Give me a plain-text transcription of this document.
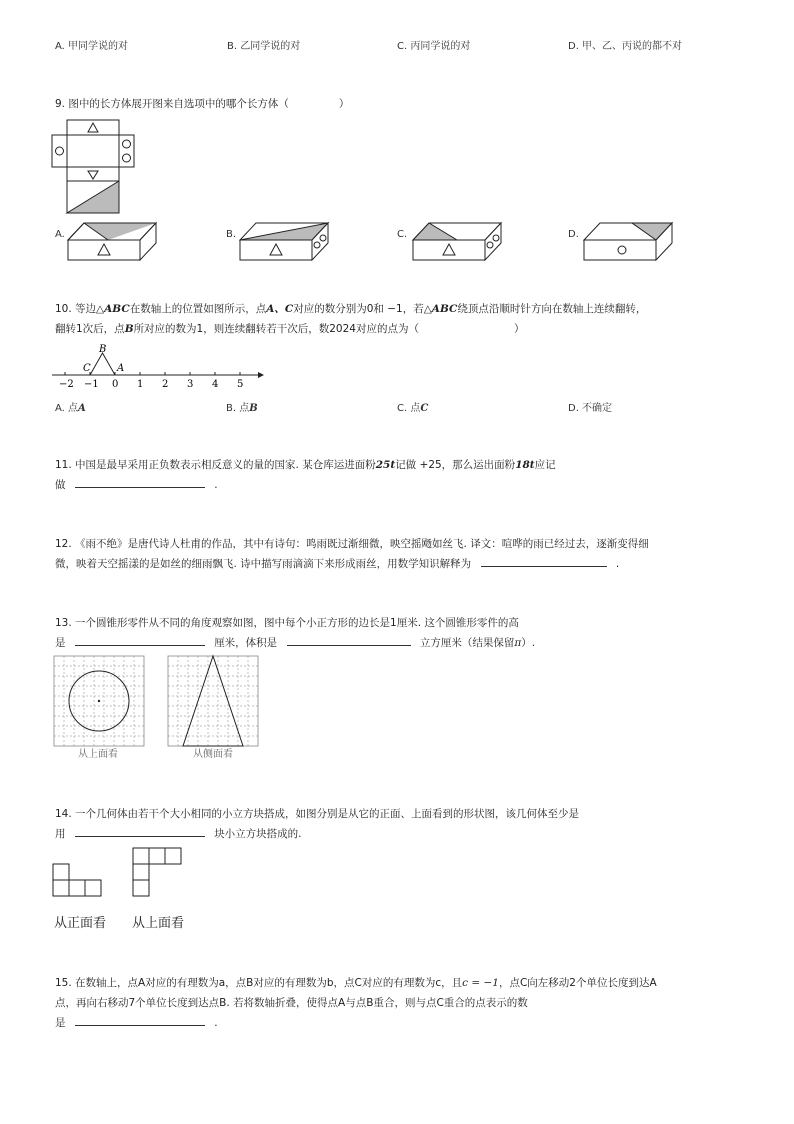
A. 甲同学说的对	B. 乙同学说的对	C. 丙同学说的对	D. 甲、乙、丙说的都不对
9. 图中的长方体展开图来自选项中的哪个长方体（	）
A.	B.	C.	D.
10. 等边△ABC在数轴上的位置如图所示，点A、C对应的数分别为0和 −1，若△ABC绕顶点沿顺时针方向在数轴上连续翻转，
翻转1次后，点B所对应的数为1，则连续翻转若干次后，数2024对应的点为（	）
−2 −1 0 1 2 3 4 5
B
C	A
A. 点A	B. 点B	C. 点C	D. 不确定
11. 中国是最早采用正负数表示相反意义的量的国家. 某仓库运进面粉25t记做 +25，那么运出面粉18t应记
做	.
12. 《雨不绝》是唐代诗人杜甫的作品，其中有诗句：鸣雨既过渐细微，映空摇飏如丝飞. 译文：喧哗的雨已经过去，逐渐变得细
微，映着天空摇漾的是如丝的细雨飘飞. 诗中描写雨滴滴下来形成雨丝，用数学知识解释为	.
13. 一个圆锥形零件从不同的角度观察如图，图中每个小正方形的边长是1厘米. 这个圆锥形零件的高
是	厘米，体积是	立方厘米（结果保留π）.
从上面看	从侧面看
14. 一个几何体由若干个大小相同的小立方块搭成，如图分别是从它的正面、上面看到的形状图，该几何体至少是
用	块小立方块搭成的.
从正面看 从上面看
15. 在数轴上，点A对应的有理数为a，点B对应的有理数为b，点C对应的有理数为c，且c = −1，点C向左移动2个单位长度到达A
点，再向右移动7个单位长度到达点B. 若将数轴折叠，使得点A与点B重合，则与点C重合的点表示的数
是	.
